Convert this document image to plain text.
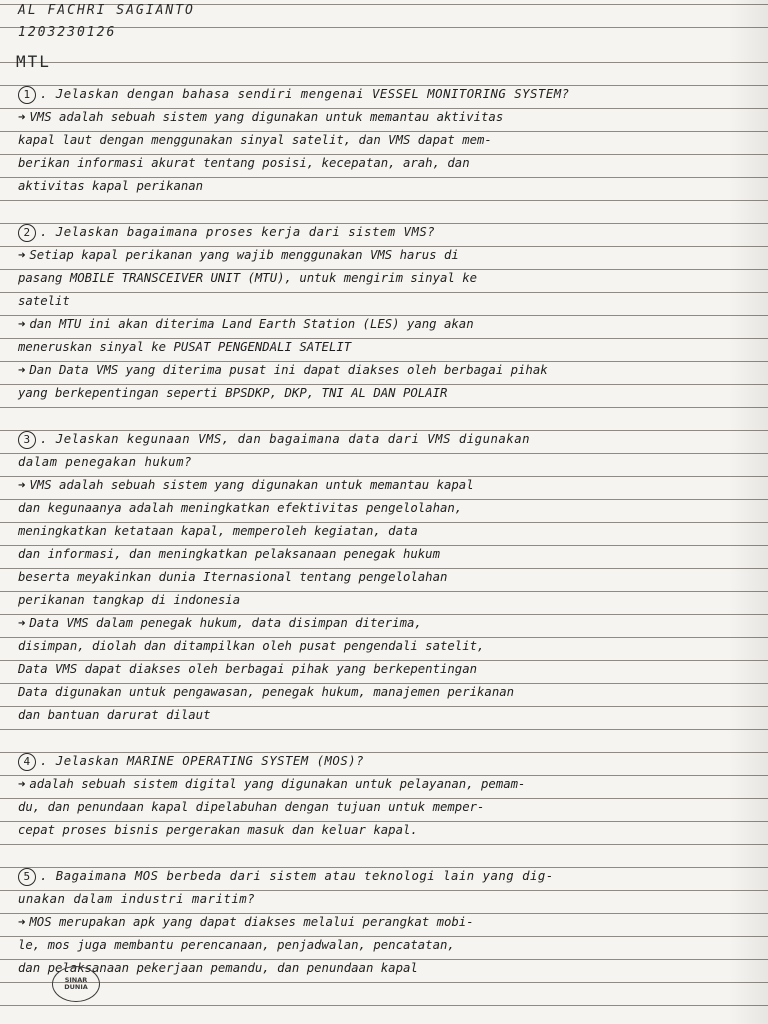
AL FACHRI SAGIANTO
1203230126
MTL
1 . Jelaskan dengan bahasa sendiri mengenai VESSEL MONITORING SYSTEM?
➜ VMS adalah sebuah sistem yang digunakan untuk memantau aktivitas
kapal laut dengan menggunakan sinyal satelit, dan VMS dapat mem-
berikan informasi akurat tentang posisi, kecepatan, arah, dan
aktivitas kapal perikanan
2 . Jelaskan bagaimana proses kerja dari sistem VMS?
➜ Setiap kapal perikanan yang wajib menggunakan VMS harus di
pasang MOBILE TRANSCEIVER UNIT (MTU), untuk mengirim sinyal ke
satelit
➜ dan MTU ini akan diterima Land Earth Station (LES) yang akan
meneruskan sinyal ke PUSAT PENGENDALI SATELIT
➜ Dan Data VMS yang diterima pusat ini dapat diakses oleh berbagai pihak
yang berkepentingan seperti BPSDKP, DKP, TNI AL DAN POLAIR
3 . Jelaskan kegunaan VMS, dan bagaimana data dari VMS digunakan
dalam penegakan hukum?
➜ VMS adalah sebuah sistem yang digunakan untuk memantau kapal
dan kegunaanya adalah meningkatkan efektivitas pengelolahan,
meningkatkan ketataan kapal, memperoleh kegiatan, data
dan informasi, dan meningkatkan pelaksanaan penegak hukum
beserta meyakinkan dunia Iternasional tentang pengelolahan
perikanan tangkap di indonesia
➜ Data VMS dalam penegak hukum, data disimpan diterima,
disimpan, diolah dan ditampilkan oleh pusat pengendali satelit,
Data VMS dapat diakses oleh berbagai pihak yang berkepentingan
Data digunakan untuk pengawasan, penegak hukum, manajemen perikanan
dan bantuan darurat dilaut
4 . Jelaskan MARINE OPERATING SYSTEM (MOS)?
➜ adalah sebuah sistem digital yang digunakan untuk pelayanan, pemam-
du, dan penundaan kapal dipelabuhan dengan tujuan untuk memper-
cepat proses bisnis pergerakan masuk dan keluar kapal.
5 . Bagaimana MOS berbeda dari sistem atau teknologi lain yang dig-
unakan dalam industri maritim?
➜ MOS merupakan apk yang dapat diakses melalui perangkat mobi-
le, mos juga membantu perencanaan, penjadwalan, pencatatan,
dan pelaksanaan pekerjaan pemandu, dan penundaan kapal
SINAR
DUNIA
